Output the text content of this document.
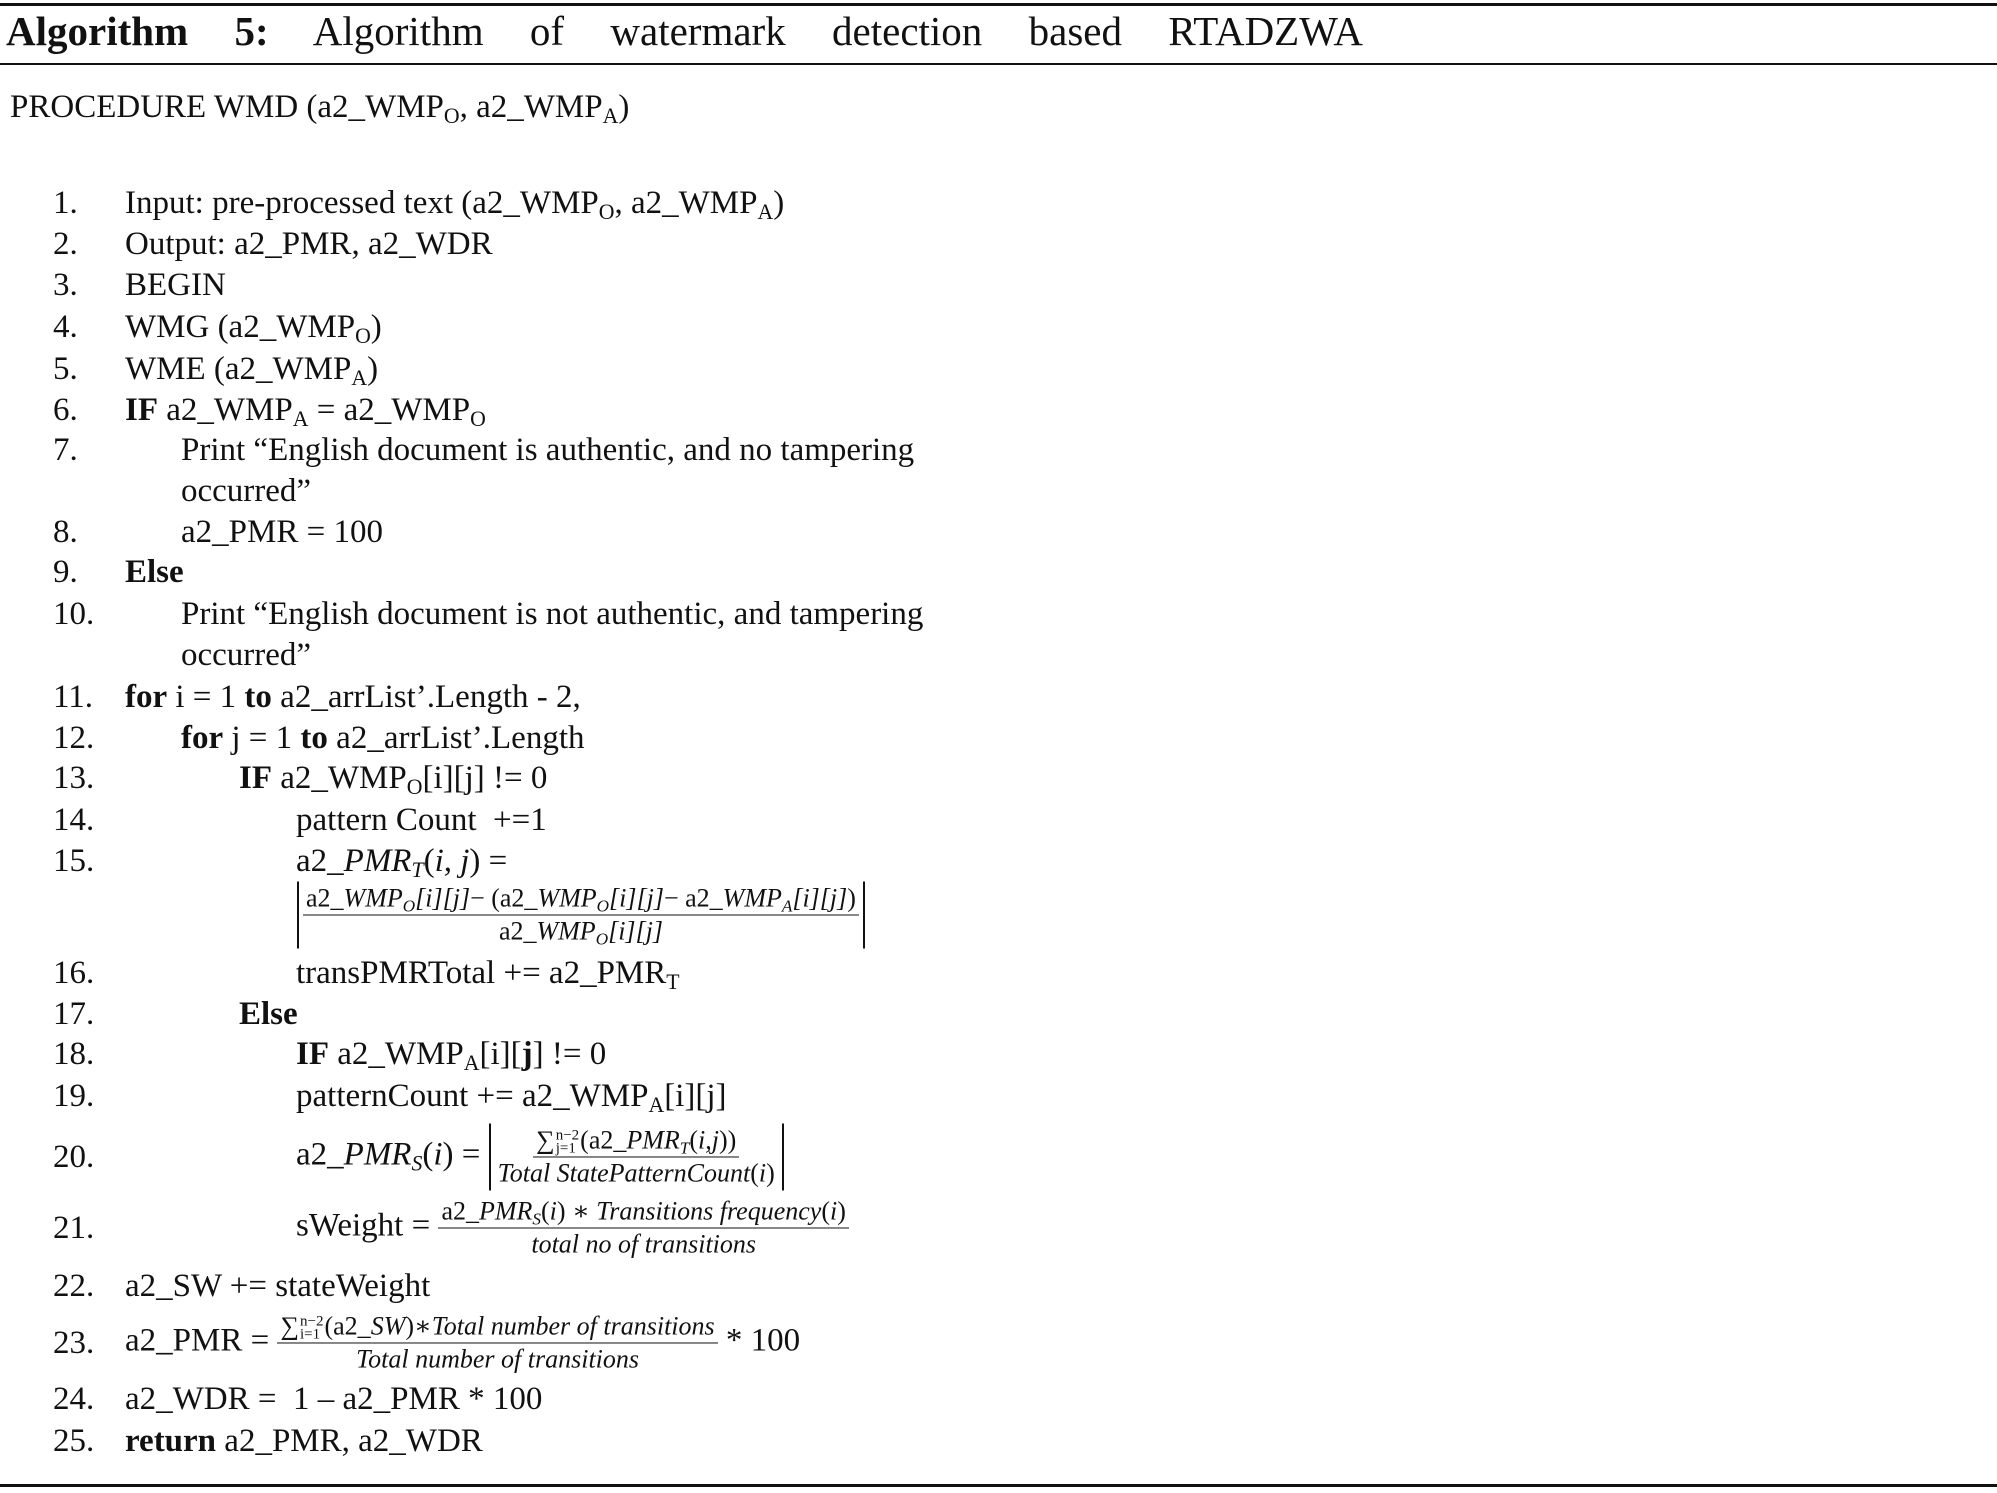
Algorithm 5: Algorithm of watermark detection based RTADZWA
PROCEDURE WMD ($a2\_WMP_O$, $a2\_WMP_A$)
1. Input: pre-processed text ($a2\_WMP_O$, $a2\_WMP_A$)
2. Output: a2_PMR, a2_WDR
3. BEGIN
4. WMG $(a2\_WMP_O)$
5. WME $(a2\_WMP_A)$
6. IF $a2\_WMP_A$ = $a2\_WMP_O$
7.	Print “English document is authentic, and no tampering
occurred”
8.	a2_PMR = 100
9. Else
10.	Print “English document is not authentic, and tampering
occurred”
11. for i = 1 to a2_arrList’.Length - 2,
12.	for j = 1 to a2_arrList’.Length
13.	IF $a2\_WMP_O[i][j]$ != 0
14.	pattern Count  +=1
15.	$a2\_PMR_T(i$, j) =
$\frac{a2\_WMP_O[i][j]- (a2\_WMP_O[i][j]- a2\_WMP_A[i][j])}{a2\_WMP_O[i][j]}$
16.	transPMRTotal += $a2\_PMR_T$
17.	Else
18.	IF $a2\_WMP_A[i][j]$ != 0
19.	patternCount += $a2\_WMP_A[i][j]$
20.	$a2\_PMR_S(i)$ = ∑ n−2
j=1 $(a2\_PMR_T(i,j))$
Total StatePatternCount(i)
21.	sWeight = $\frac{a2\_PMR_S(i) ∗ Transitions frequency(i)}{\text{total no of transitions}}$
22. a2_SW += stateWeight
23. a2_PMR = ∑ n−2
i=1 (a2_SW)∗Total number of transitions
Total number of transitions * 100
24. a2_WDR =  1 – a2_PMR * 100
25. return a2_PMR, a2_WDR
